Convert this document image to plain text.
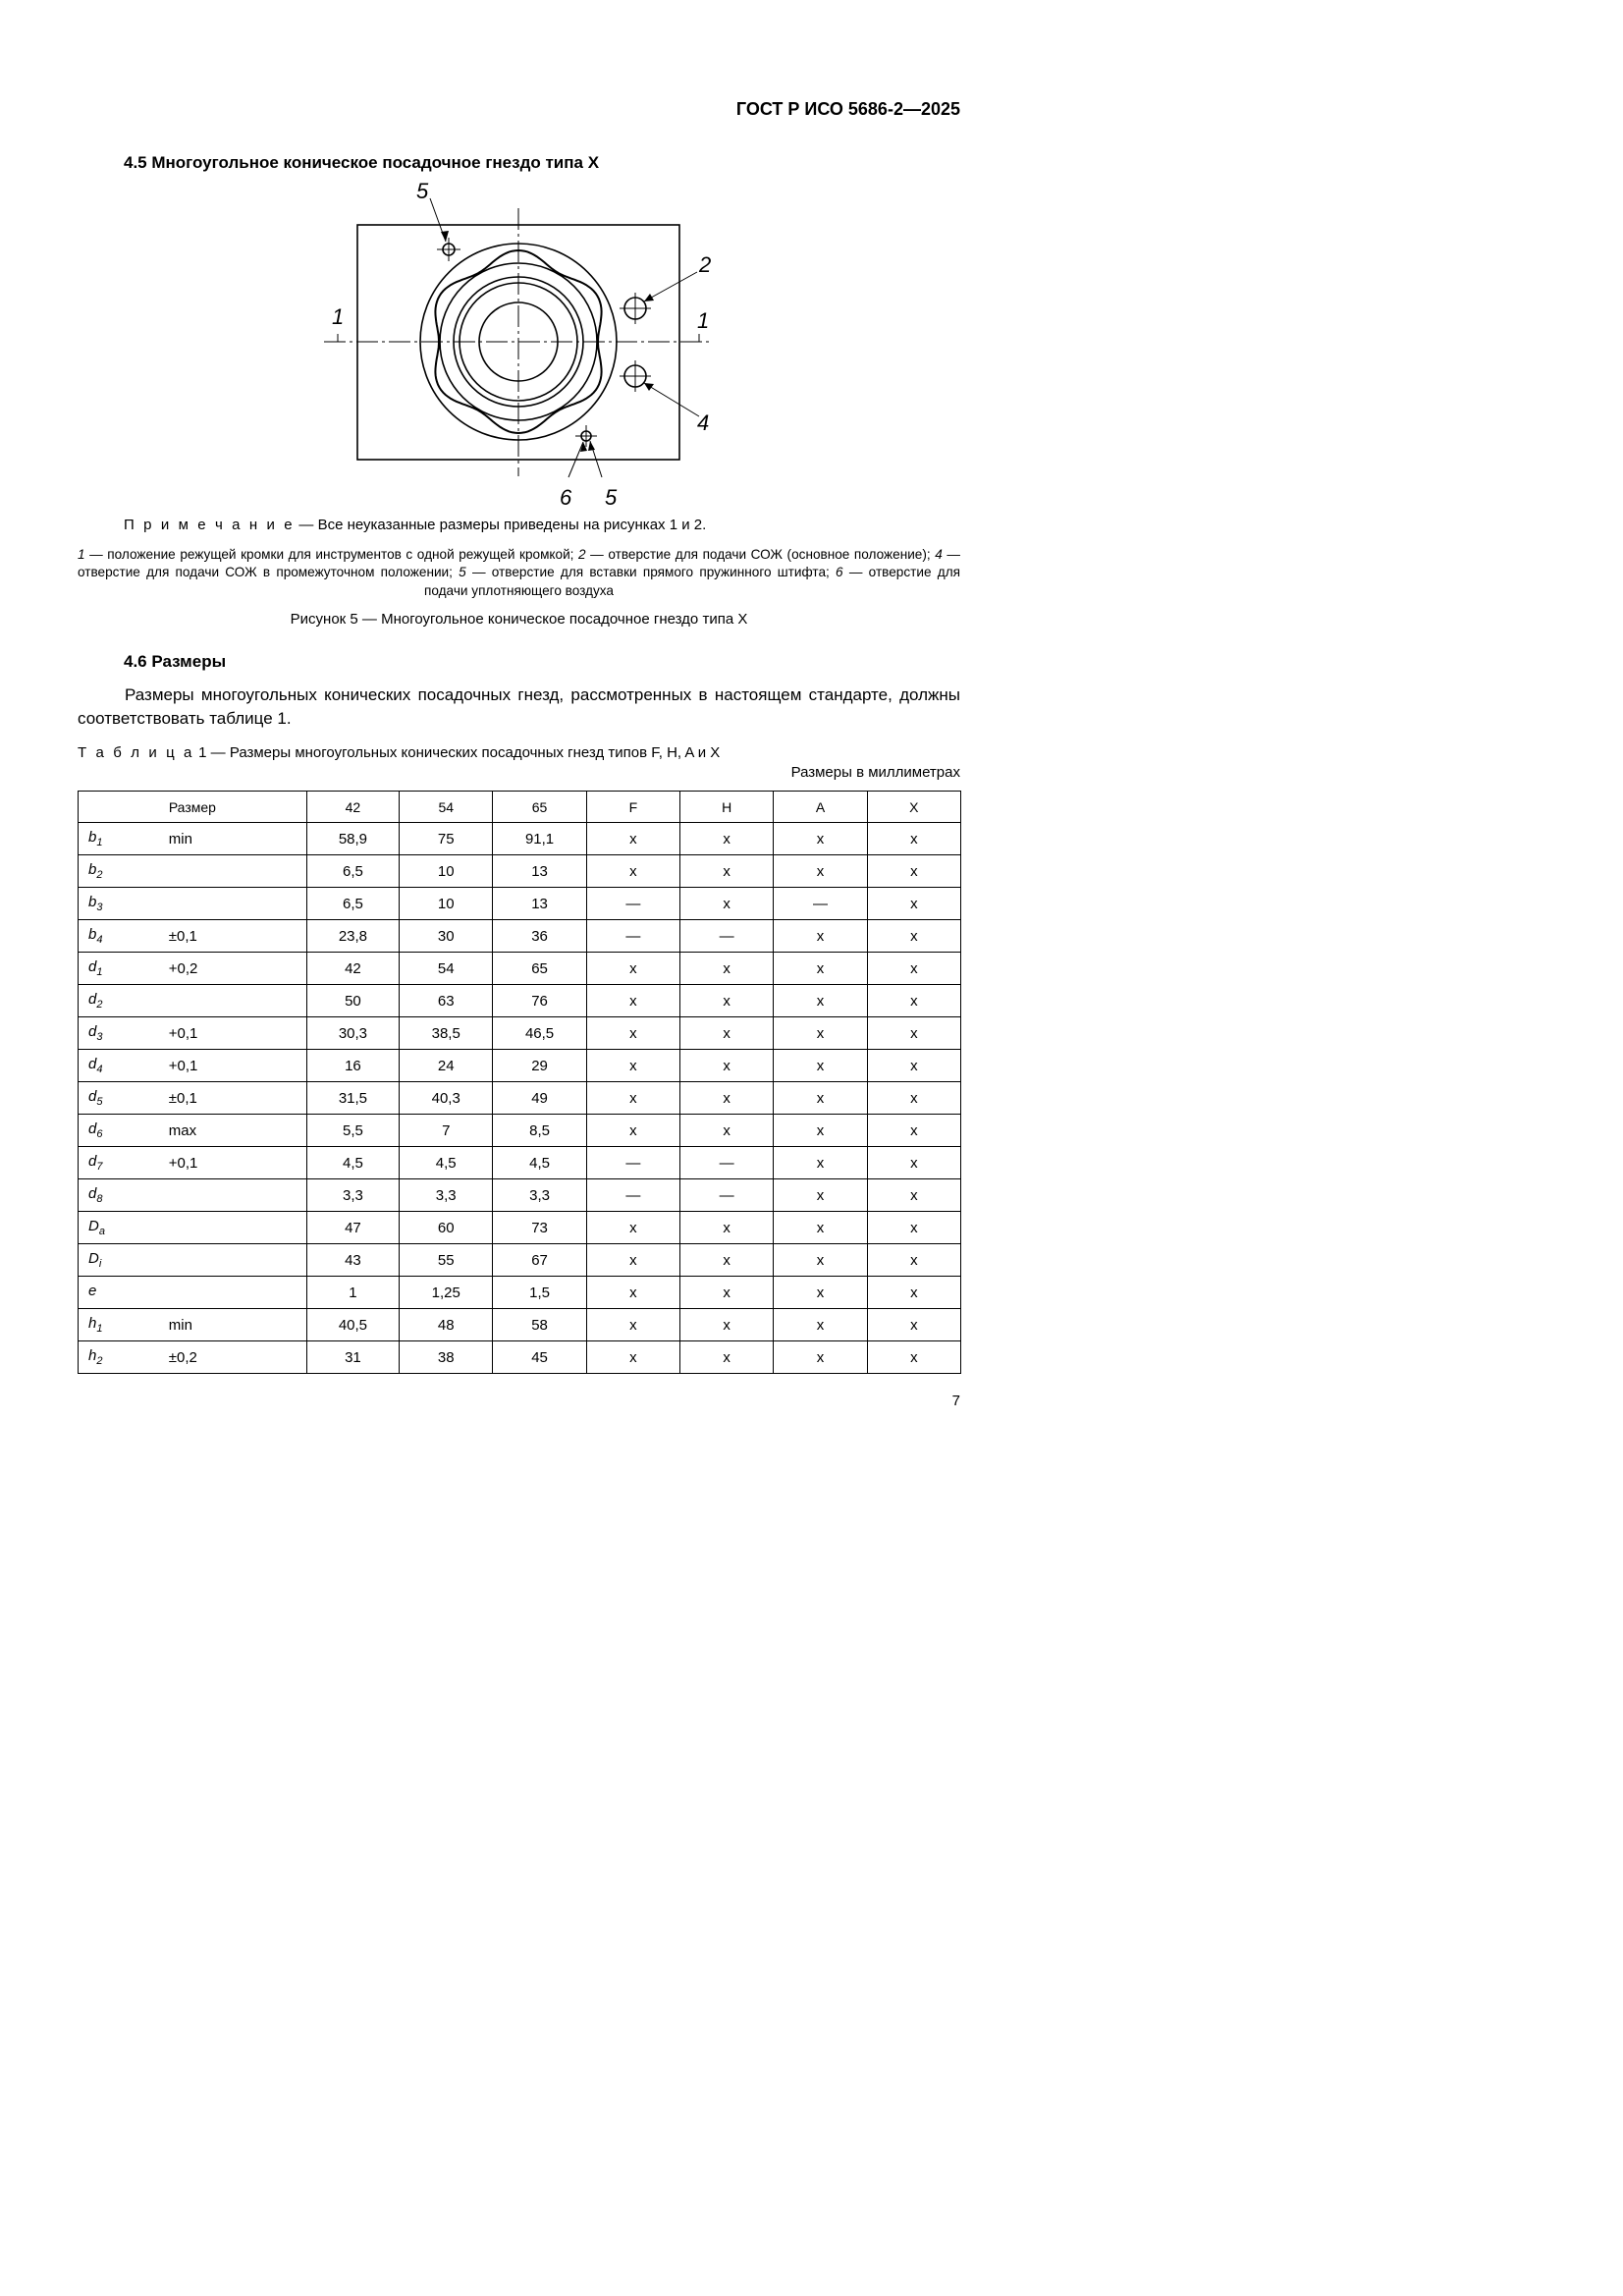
ГОСТ Р ИСО 5686-2—2025
4.5 Многоугольное коническое посадочное гнездо типа X
5
2
1	1
4
6 5
П р и м е ч а н и е — Все неуказанные размеры приведены на рисунках 1 и 2.
1 — положение режущей кромки для инструментов с одной режущей кромкой; 2 — отверстие для подачи СОЖ (основное положение); 4 — отверстие для подачи СОЖ в промежуточном положении; 5 — отверстие для вставки прямого пружинного штифта; 6 — отверстие для подачи уплотняющего воздуха
Рисунок 5 — Многоугольное коническое посадочное гнездо типа X
4.6 Размеры
Размеры многоугольных конических посадочных гнезд, рассмотренных в настоящем стандарте, должны соответствовать таблице 1.
Т а б л и ц а 1 — Размеры многоугольных конических посадочных гнезд типов F, H, A и X
Размеры в миллиметрах
Размер		42	54	65	F	H	A	X
$b_1$	min	58,9	75	91,1	x	x	x	x
$b_2$		6,5	10	13	x	x	x	x
$b_3$		6,5	10	13	—	x	—	x
$b_4$	±0,1	23,8	30	36	—	—	x	x
$d_1$	+0,2	42	54	65	x	x	x	x
$d_2$		50	63	76	x	x	x	x
$d_3$	+0,1	30,3	38,5	46,5	x	x	x	x
$d_4$	+0,1	16	24	29	x	x	x	x
$d_5$	±0,1	31,5	40,3	49	x	x	x	x
$d_6$	max	5,5	7	8,5	x	x	x	x
$d_7$	+0,1	4,5	4,5	4,5	—	—	x	x
$d_8$		3,3	3,3	3,3	—	—	x	x
$D_a$		47	60	73	x	x	x	x
$D_i$		43	55	67	x	x	x	x
e		1	1,25	1,5	x	x	x	x
$h_1$	min	40,5	48	58	x	x	x	x
$h_2$	±0,2	31	38	45	x	x	x	x
7
